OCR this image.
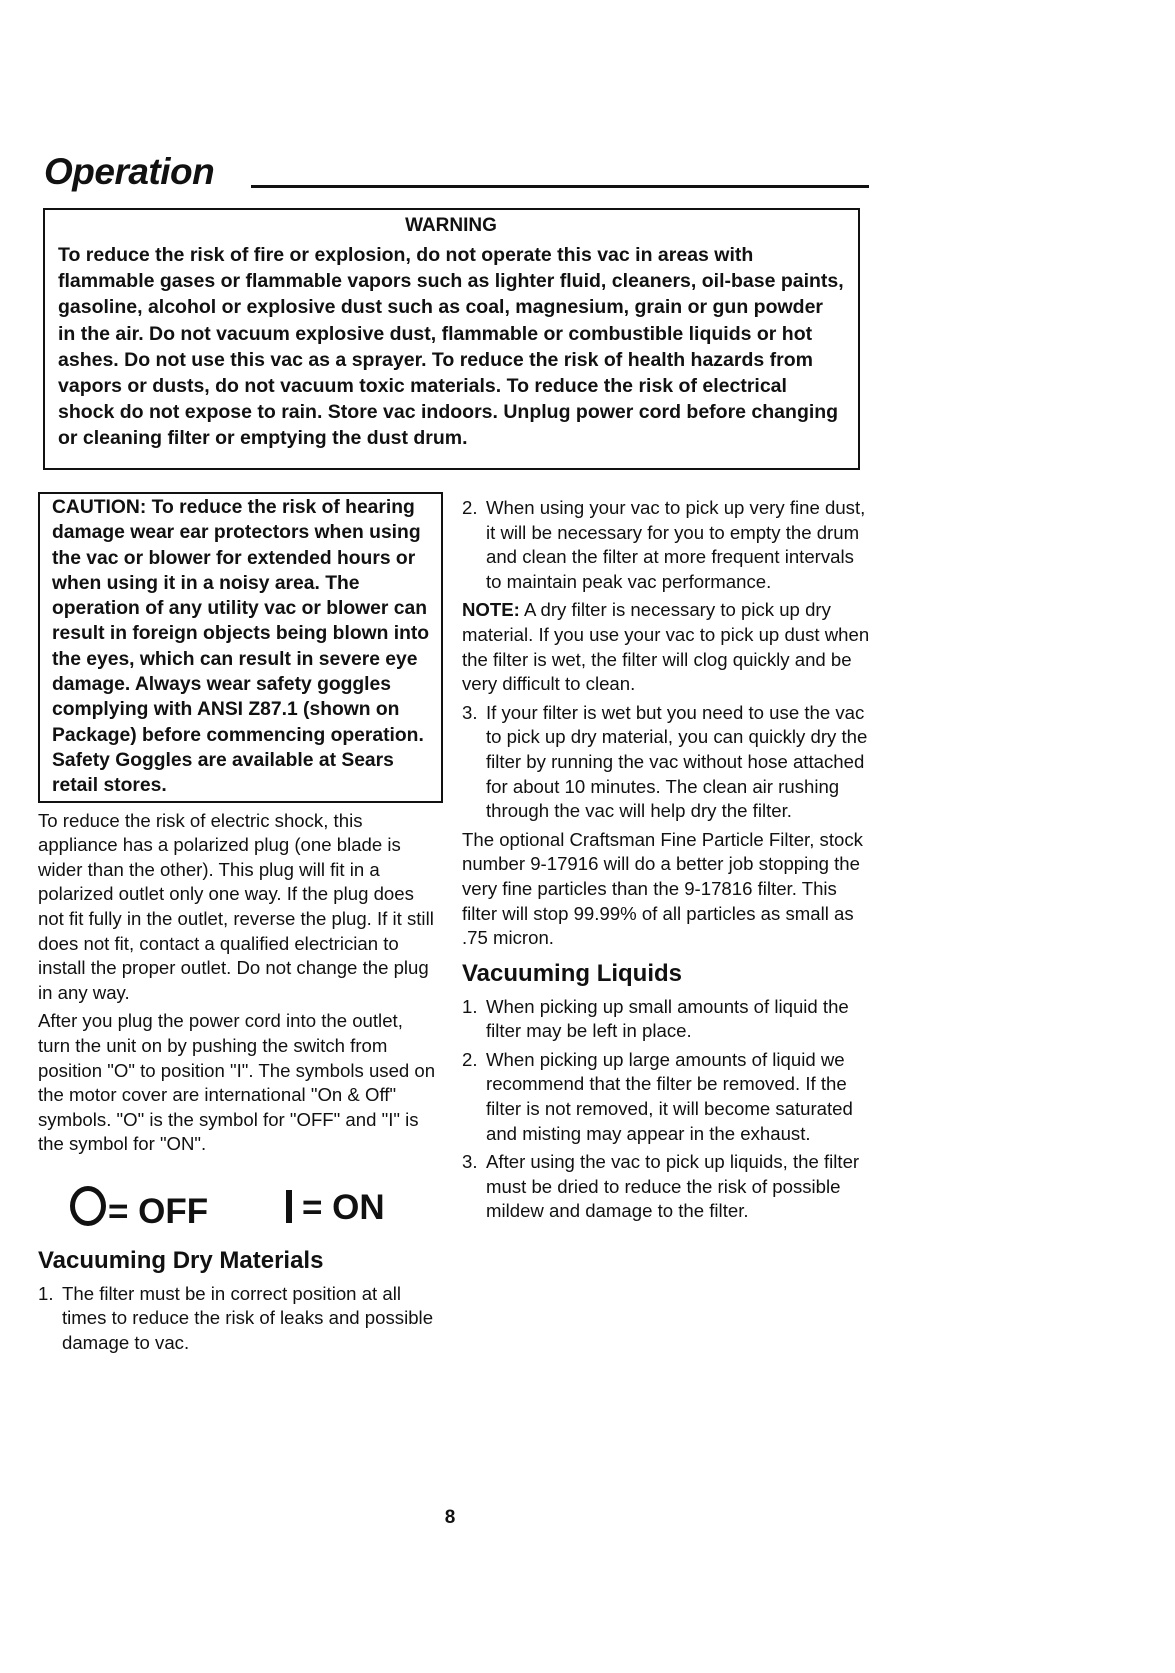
Operation

WARNING

To reduce the risk of fire or explosion, do not operate this vac in areas with flammable gases or flammable vapors such as lighter fluid, cleaners, oil-base paints, gasoline, alcohol or explosive dust such as coal, magnesium, grain or gun powder in the air. Do not vacuum explosive dust, flammable or combustible liquids or hot ashes. Do not use this vac as a sprayer. To reduce the risk of health hazards from vapors or dusts, do not vacuum toxic materials. To reduce the risk of electrical shock do not expose to rain. Store vac indoors. Unplug power cord before changing or cleaning filter or emptying the dust drum.

CAUTION: To reduce the risk of hearing damage wear ear protectors when using the vac or blower for extended hours or when using it in a noisy area. The operation of any utility vac or blower can result in foreign objects being blown into the eyes, which can result in severe eye damage. Always wear safety goggles complying with ANSI Z87.1 (shown on Package) before commencing operation. Safety Goggles are available at Sears retail stores.

To reduce the risk of electric shock, this appliance has a polarized plug (one blade is wider than the other). This plug will fit in a polarized outlet only one way. If the plug does not fit fully in the outlet, reverse the plug. If it still does not fit, contact a qualified electrician to install the proper outlet. Do not change the plug in any way.

After you plug the power cord into the outlet, turn the unit on by pushing the switch from position "O" to position "I". The symbols used on the motor cover are international "On & Off" symbols. "O" is the symbol for "OFF" and "I" is the symbol for "ON".

= OFF	= ON
Vacuuming Dry Materials
1. The filter must be in correct position at all times to reduce the risk of leaks and possible damage to vac.
2. When using your vac to pick up very fine dust, it will be necessary for you to empty the drum and clean the filter at more frequent intervals to maintain peak vac performance.

NOTE: A dry filter is necessary to pick up dry material. If you use your vac to pick up dust when the filter is wet, the filter will clog quickly and be very difficult to clean.

3. If your filter is wet but you need to use the vac to pick up dry material, you can quickly dry the filter by running the vac without hose attached for about 10 minutes. The clean air rushing through the vac will help dry the filter.

The optional Craftsman Fine Particle Filter, stock number 9-17916 will do a better job stopping the very fine particles than the 9-17816 filter. This filter will stop 99.99% of all particles as small as .75 micron.

Vacuuming Liquids
1. When picking up small amounts of liquid the filter may be left in place.
2. When picking up large amounts of liquid we recommend that the filter be removed. If the filter is not removed, it will become saturated and misting may appear in the exhaust.
3. After using the vac to pick up liquids, the filter must be dried to reduce the risk of possible mildew and damage to the filter.
8
